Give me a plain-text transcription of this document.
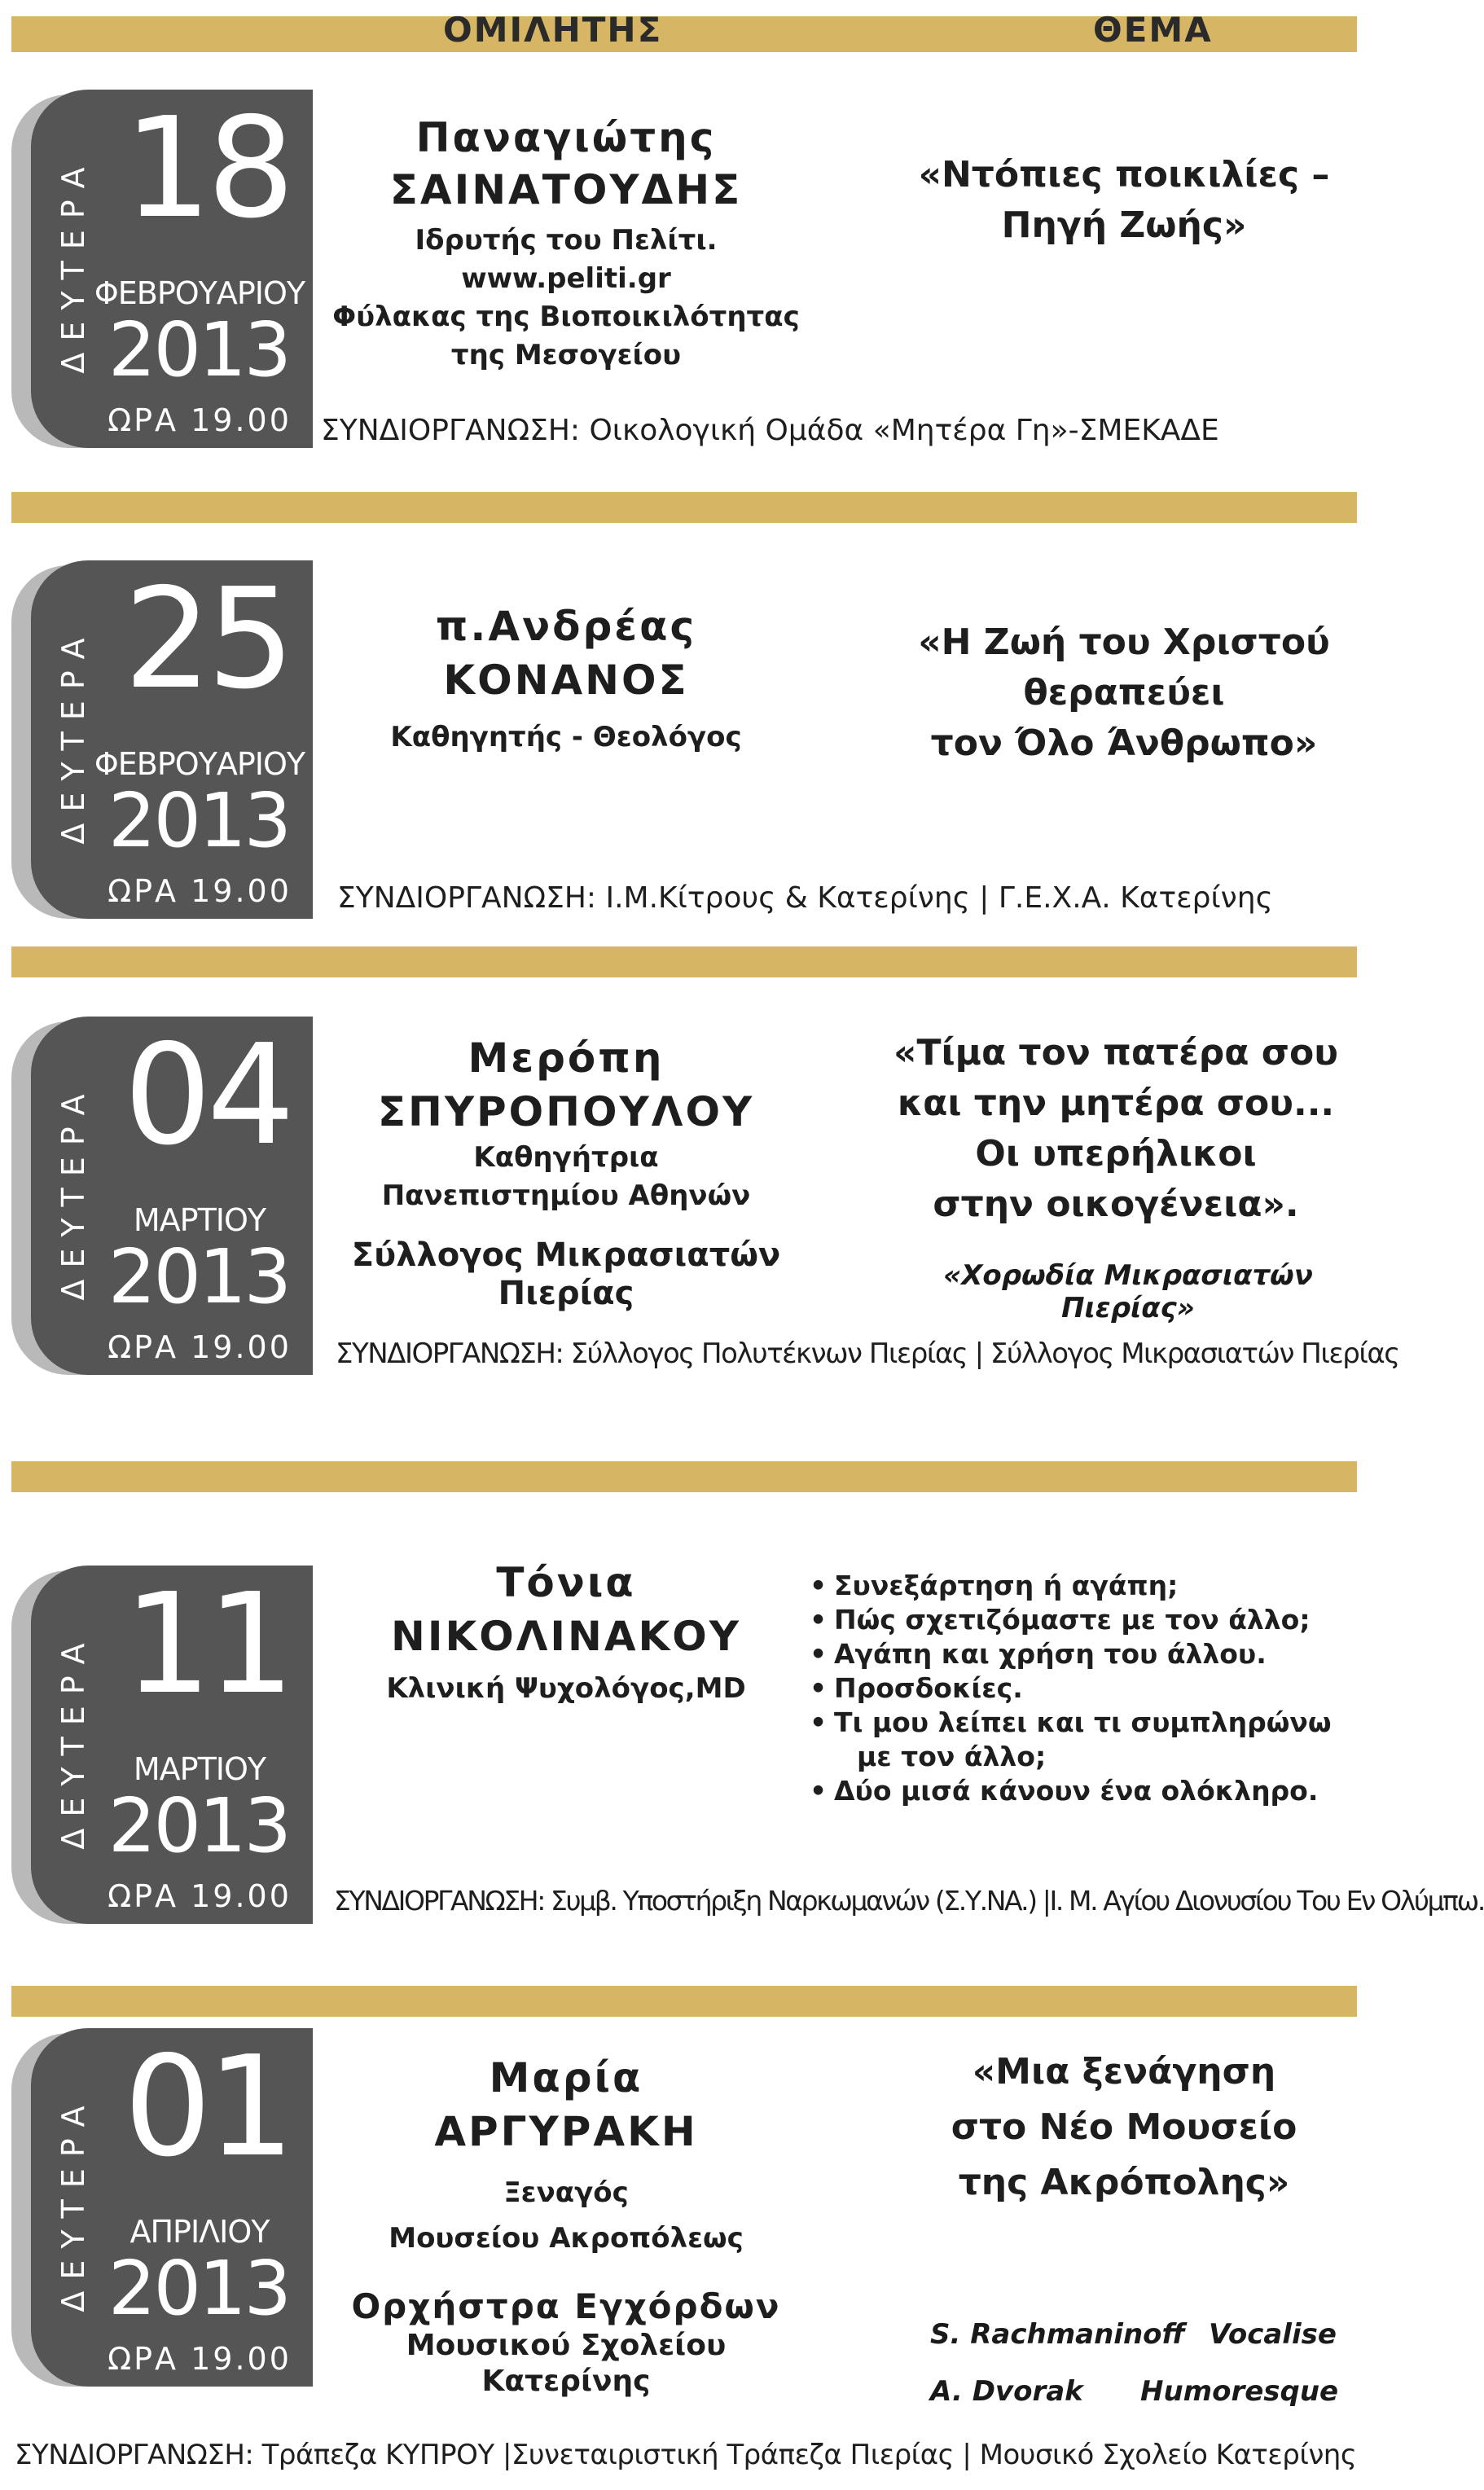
ΟΜΙΛΗΤΗΣ	ΘΕΜΑ
ΔΕΥΤΕΡΑ 18
ΦΕΒΡΟΥΑΡΙΟΥ
2013
ΩΡΑ 19.00
Παναγιώτης
ΣΑΙΝΑΤΟΥΔΗΣ
Ιδρυτής του Πελίτι.
www.peliti.gr
Φύλακας της Βιοποικιλότητας
της Μεσογείου
«Ντόπιες ποικιλίες –
Πηγή Ζωής»
ΣΥΝΔΙΟΡΓΑΝΩΣΗ: Οικολογική Ομάδα «Μητέρα Γη»-ΣΜΕΚΑΔΕ
ΔΕΥΤΕΡΑ 25
ΦΕΒΡΟΥΑΡΙΟΥ
2013
ΩΡΑ 19.00
π.Ανδρέας
ΚΟΝΑΝΟΣ
Καθηγητής - Θεολόγος
«Η Ζωή του Χριστού
θεραπεύει
τον Όλο Άνθρωπο»
ΣΥΝΔΙΟΡΓΑΝΩΣΗ: Ι.Μ.Κίτρους & Κατερίνης | Γ.Ε.Χ.Α. Κατερίνης
ΔΕΥΤΕΡΑ 04
ΜΑΡΤΙΟΥ
2013
ΩΡΑ 19.00
Μερόπη
ΣΠΥΡΟΠΟΥΛΟΥ
Καθηγήτρια
Πανεπιστημίου Αθηνών
Σύλλογος Μικρασιατών Πιερίας
«Τίμα τον πατέρα σου
και την μητέρα σου...
Οι υπερήλικοι
στην οικογένεια».
«Χορωδία Μικρασιατών Πιερίας»
ΣΥΝΔΙΟΡΓΑΝΩΣΗ: Σύλλογος Πολυτέκνων Πιερίας | Σύλλογος Μικρασιατών Πιερίας
ΔΕΥΤΕΡΑ 11
ΜΑΡΤΙΟΥ
2013
ΩΡΑ 19.00
Τόνια
ΝΙΚΟΛΙΝΑΚΟΥ
Κλινική Ψυχολόγος,MD
• Συνεξάρτηση ή αγάπη;
• Πώς σχετιζόμαστε με τον άλλο;
• Αγάπη και χρήση του άλλου.
• Προσδοκίες.
• Τι μου λείπει και τι συμπληρώνω
με τον άλλο;
• Δύο μισά κάνουν ένα ολόκληρο.
ΣΥΝΔΙΟΡΓΑΝΩΣΗ: Συμβ. Υποστήριξη Ναρκωμανών (Σ.Υ.ΝΑ.) |Ι. Μ. Αγίου Διονυσίου Του Εν Ολύμπω.
ΔΕΥΤΕΡΑ 01
ΑΠΡΙΛΙΟΥ
2013
ΩΡΑ 19.00
Μαρία
ΑΡΓΥΡΑΚΗ
Ξεναγός
Μουσείου Ακροπόλεως
Ορχήστρα Εγχόρδων
Μουσικού Σχολείου Κατερίνης
«Μια ξενάγηση
στο Νέο Μουσείο
της Ακρόπολης»
S. Rachmaninoff Vocalise
A. Dvorak Humoresque
ΣΥΝΔΙΟΡΓΑΝΩΣΗ: Τράπεζα ΚΥΠΡΟΥ |Συνεταιριστική Τράπεζα Πιερίας | Μουσικό Σχολείο Κατερίνης
